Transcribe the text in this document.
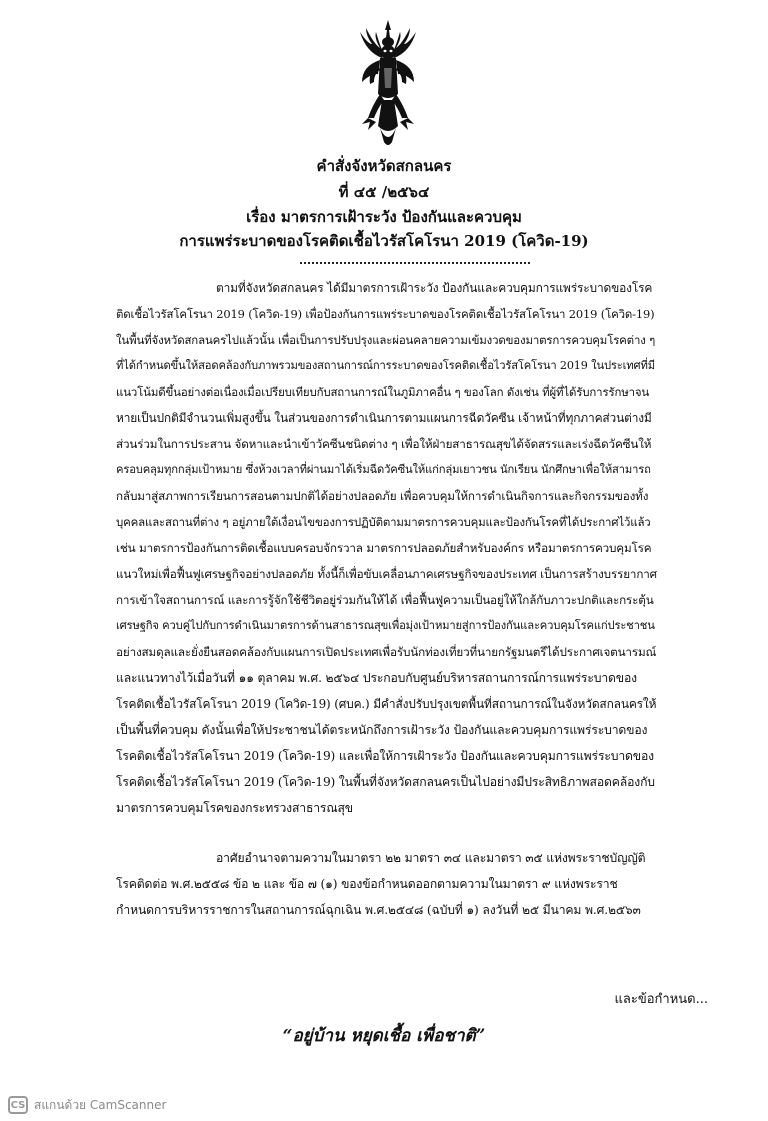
คำสั่งจังหวัดสกลนคร
ที่ ๔๕ /๒๕๖๔
เรื่อง มาตรการเฝ้าระวัง ป้องกันและควบคุม
การแพร่ระบาดของโรคติดเชื้อไวรัสโคโรนา 2019 (โควิด-19)
ตามที่จังหวัดสกลนคร ได้มีมาตรการเฝ้าระวัง ป้องกันและควบคุมการแพร่ระบาดของโรค
ติดเชื้อไวรัสโคโรนา 2019 (โควิด-19) เพื่อป้องกันการแพร่ระบาดของโรคติดเชื้อไวรัสโคโรนา 2019 (โควิด-19)
ในพื้นที่จังหวัดสกลนครไปแล้วนั้น เพื่อเป็นการปรับปรุงและผ่อนคลายความเข้มงวดของมาตรการควบคุมโรคต่าง ๆ
ที่ได้กำหนดขึ้นให้สอดคล้องกับภาพรวมของสถานการณ์การระบาดของโรคติดเชื้อไวรัสโคโรนา 2019 ในประเทศที่มี
แนวโน้มดีขึ้นอย่างต่อเนื่องเมื่อเปรียบเทียบกับสถานการณ์ในภูมิภาคอื่น ๆ ของโลก ดังเช่น ที่ผู้ที่ได้รับการรักษาจน
หายเป็นปกติมีจำนวนเพิ่มสูงขึ้น ในส่วนของการดำเนินการตามแผนการฉีดวัคซีน เจ้าหน้าที่ทุกภาคส่วนต่างมี
ส่วนร่วมในการประสาน จัดหาและนำเข้าวัคซีนชนิดต่าง ๆ เพื่อให้ฝ่ายสาธารณสุขได้จัดสรรและเร่งฉีดวัคซีนให้
ครอบคลุมทุกกลุ่มเป้าหมาย ซึ่งห้วงเวลาที่ผ่านมาได้เริ่มฉีดวัคซีนให้แก่กลุ่มเยาวชน นักเรียน นักศึกษาเพื่อให้สามารถ
กลับมาสู่สภาพการเรียนการสอนตามปกติได้อย่างปลอดภัย เพื่อควบคุมให้การดำเนินกิจการและกิจกรรมของทั้ง
บุคคลและสถานที่ต่าง ๆ อยู่ภายใต้เงื่อนไขของการปฏิบัติตามมาตรการควบคุมและป้องกันโรคที่ได้ประกาศไว้แล้ว
เช่น มาตรการป้องกันการติดเชื้อแบบครอบจักรวาล มาตรการปลอดภัยสำหรับองค์กร หรือมาตรการควบคุมโรค
แนวใหม่เพื่อฟื้นฟูเศรษฐกิจอย่างปลอดภัย ทั้งนี้ก็เพื่อขับเคลื่อนภาคเศรษฐกิจของประเทศ เป็นการสร้างบรรยากาศ
การเข้าใจสถานการณ์ และการรู้จักใช้ชีวิตอยู่ร่วมกันให้ได้ เพื่อฟื้นฟูความเป็นอยู่ให้ใกล้กับภาวะปกติและกระตุ้น
เศรษฐกิจ ควบคู่ไปกับการดำเนินมาตรการด้านสาธารณสุขเพื่อมุ่งเป้าหมายสู่การป้องกันและควบคุมโรคแก่ประชาชน
อย่างสมดุลและยั่งยืนสอดคล้องกับแผนการเปิดประเทศเพื่อรับนักท่องเที่ยวที่นายกรัฐมนตรีได้ประกาศเจตนารมณ์
และแนวทางไว้เมื่อวันที่ ๑๑ ตุลาคม พ.ศ. ๒๕๖๔ ประกอบกับศูนย์บริหารสถานการณ์การแพร่ระบาดของ
โรคติดเชื้อไวรัสโคโรนา 2019 (โควิด-19) (ศบค.) มีคำสั่งปรับปรุงเขตพื้นที่สถานการณ์ในจังหวัดสกลนครให้
เป็นพื้นที่ควบคุม ดังนั้นเพื่อให้ประชาชนได้ตระหนักถึงการเฝ้าระวัง ป้องกันและควบคุมการแพร่ระบาดของ
โรคติดเชื้อไวรัสโคโรนา 2019 (โควิด-19) และเพื่อให้การเฝ้าระวัง ป้องกันและควบคุมการแพร่ระบาดของ
โรคติดเชื้อไวรัสโคโรนา 2019 (โควิด-19) ในพื้นที่จังหวัดสกลนครเป็นไปอย่างมีประสิทธิภาพสอดคล้องกับ
มาตรการควบคุมโรคของกระทรวงสาธารณสุข
อาศัยอำนาจตามความในมาตรา ๒๒ มาตรา ๓๔ และมาตรา ๓๕ แห่งพระราชบัญญัติ
โรคติดต่อ พ.ศ.๒๕๕๘ ข้อ ๒ และ ข้อ ๗ (๑) ของข้อกำหนดออกตามความในมาตรา ๙ แห่งพระราช
กำหนดการบริหารราชการในสถานการณ์ฉุกเฉิน พ.ศ.๒๕๔๘ (ฉบับที่ ๑) ลงวันที่ ๒๕ มีนาคม พ.ศ.๒๕๖๓
และข้อกำหนด...
“อยู่บ้าน หยุดเชื้อ เพื่อชาติ”
CS สแกนด้วย CamScanner
